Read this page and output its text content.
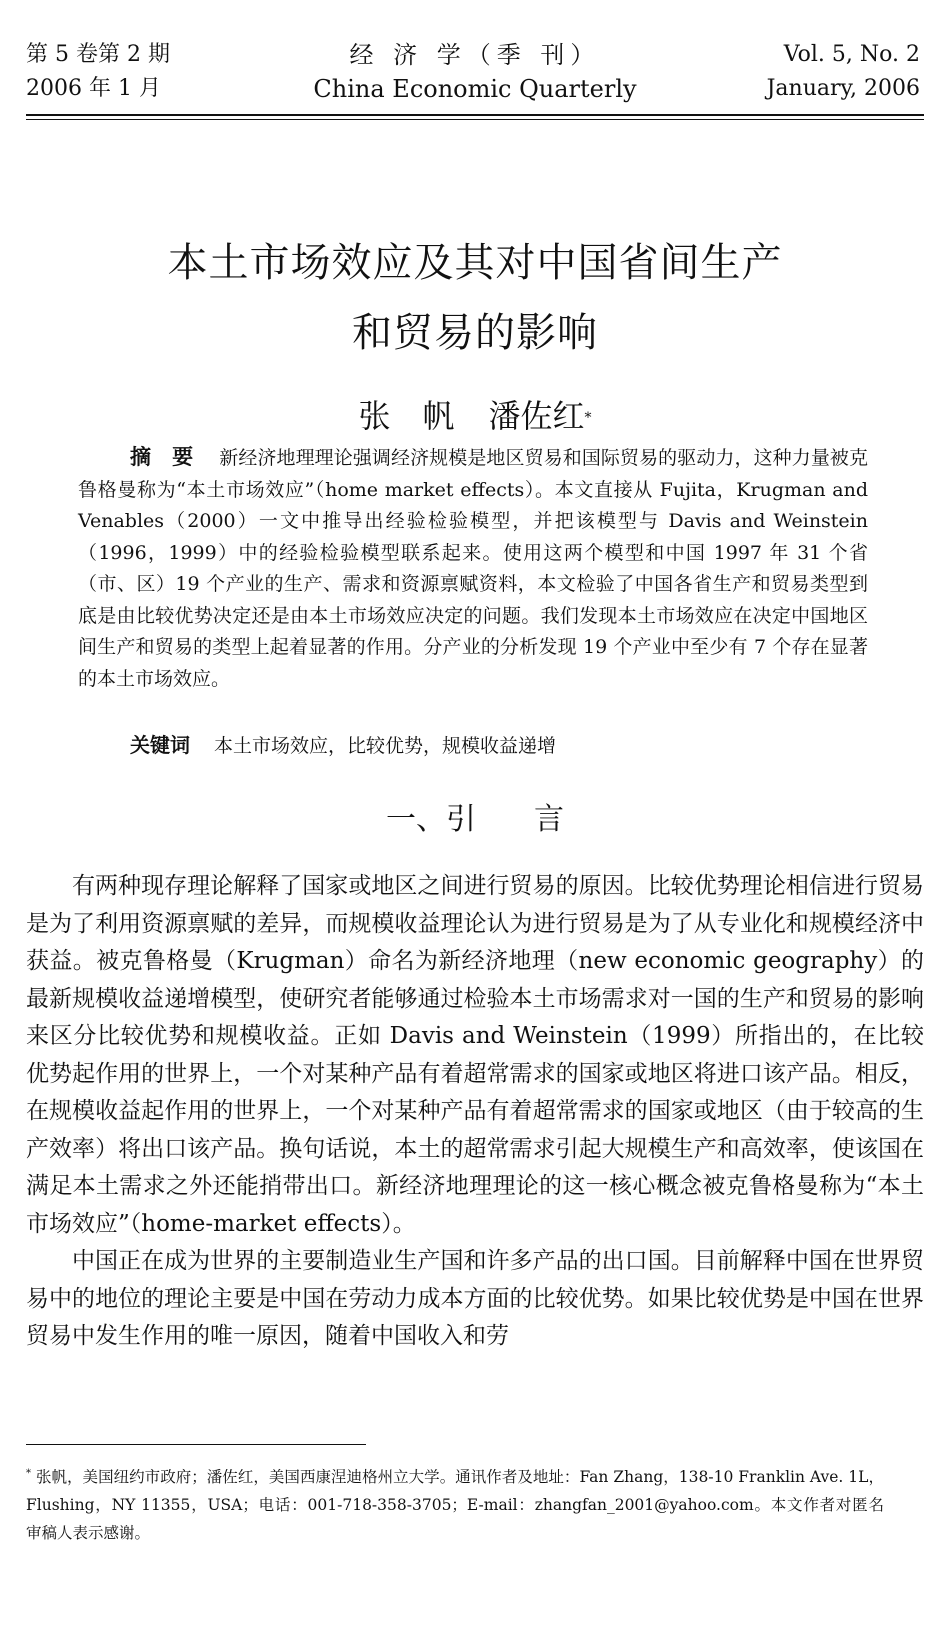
第 5 卷第 2 期
2006 年 1 月
经 济 学（季 刊）
China Economic Quarterly
Vol. 5, No. 2
January, 2006
本土市场效应及其对中国省间生产
和贸易的影响
张　帆 潘佐红*
摘　要 新经济地理理论强调经济规模是地区贸易和国际贸易的驱动力，这种力量被克鲁格曼称为“本土市场效应”（home market effects）。本文直接从 Fujita，Krugman and Venables（2000）一文中推导出经验检验模型，并把该模型与 Davis and Weinstein（1996，1999）中的经验检验模型联系起来。使用这两个模型和中国 1997 年 31 个省（市、区）19 个产业的生产、需求和资源禀赋资料，本文检验了中国各省生产和贸易类型到底是由比较优势决定还是由本土市场效应决定的问题。我们发现本土市场效应在决定中国地区间生产和贸易的类型上起着显著的作用。分产业的分析发现 19 个产业中至少有 7 个存在显著的本土市场效应。
关键词 本土市场效应，比较优势，规模收益递增
一、引 言

有两种现存理论解释了国家或地区之间进行贸易的原因。比较优势理论相信进行贸易是为了利用资源禀赋的差异，而规模收益理论认为进行贸易是为了从专业化和规模经济中获益。被克鲁格曼（Krugman）命名为新经济地理（new economic geography）的最新规模收益递增模型，使研究者能够通过检验本土市场需求对一国的生产和贸易的影响来区分比较优势和规模收益。正如 Davis and Weinstein（1999）所指出的，在比较优势起作用的世界上，一个对某种产品有着超常需求的国家或地区将进口该产品。相反，在规模收益起作用的世界上，一个对某种产品有着超常需求的国家或地区（由于较高的生产效率）将出口该产品。换句话说，本土的超常需求引起大规模生产和高效率，使该国在满足本土需求之外还能捎带出口。新经济地理理论的这一核心概念被克鲁格曼称为“本土市场效应”（home-market effects）。

中国正在成为世界的主要制造业生产国和许多产品的出口国。目前解释中国在世界贸易中的地位的理论主要是中国在劳动力成本方面的比较优势。如果比较优势是中国在世界贸易中发生作用的唯一原因，随着中国收入和劳

* 张帆，美国纽约市政府；潘佐红，美国西康涅迪格州立大学。通讯作者及地址：Fan Zhang，138-10 Franklin Ave. 1L，Flushing，NY 11355，USA；电话：001-718-358-3705；E-mail：zhangfan_2001@yahoo.com。本文作者对匿名审稿人表示感谢。
